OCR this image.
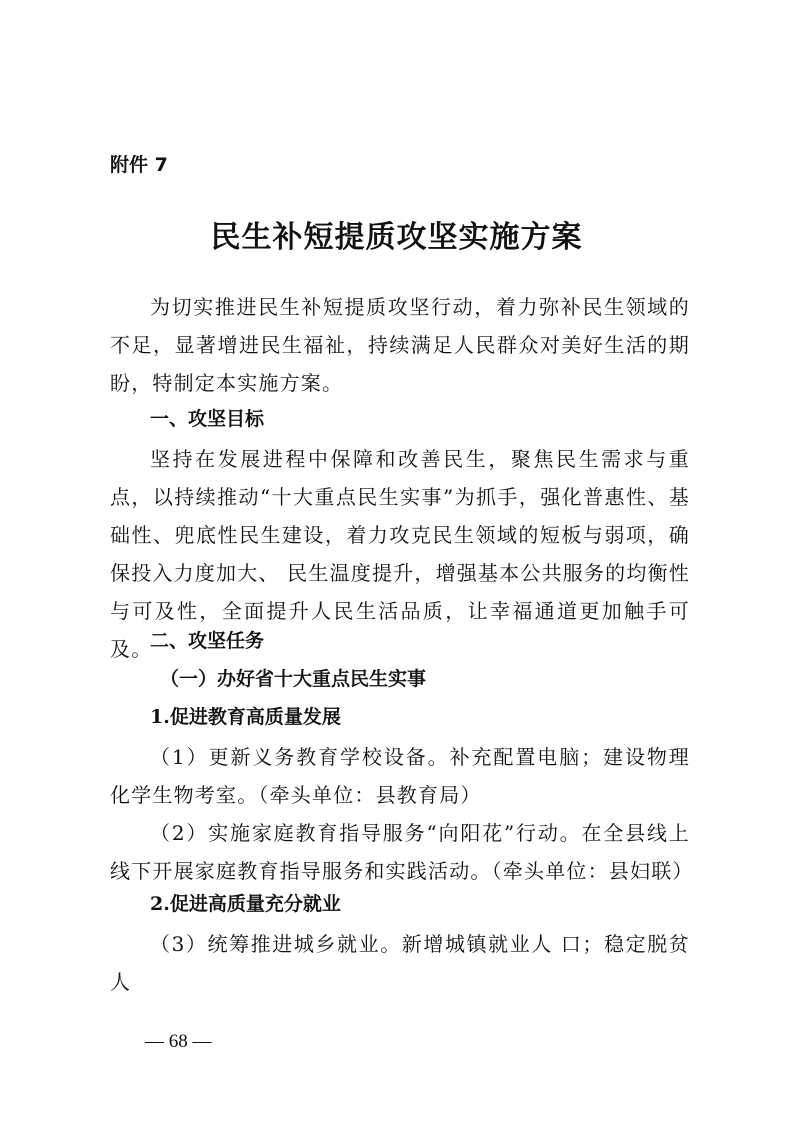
附件 7
民生补短提质攻坚实施方案

为切实推进民生补短提质攻坚行动，着力弥补民生领域的不足，显著增进民生福祉，持续满足人民群众对美好生活的期盼，特制定本实施方案。

一、攻坚目标

坚持在发展进程中保障和改善民生，聚焦民生需求与重点，以持续推动“十大重点民生实事”为抓手，强化普惠性、基础性、兜底性民生建设，着力攻克民生领域的短板与弱项，确保投入力度加大、 民生温度提升，增强基本公共服务的均衡性与可及性，全面提升人民生活品质，让幸福通道更加触手可及。

二、攻坚任务
（一）办好省十大重点民生实事
1.促进教育高质量发展

（1）更新义务教育学校设备。补充配置电脑；建设物理化学生物考室。（牵头单位：县教育局）

（2）实施家庭教育指导服务“向阳花”行动。在全县线上线下开展家庭教育指导服务和实践活动。（牵头单位：县妇联）

2.促进高质量充分就业

（3）统筹推进城乡就业。新增城镇就业人 口；稳定脱贫人

— 68 —
